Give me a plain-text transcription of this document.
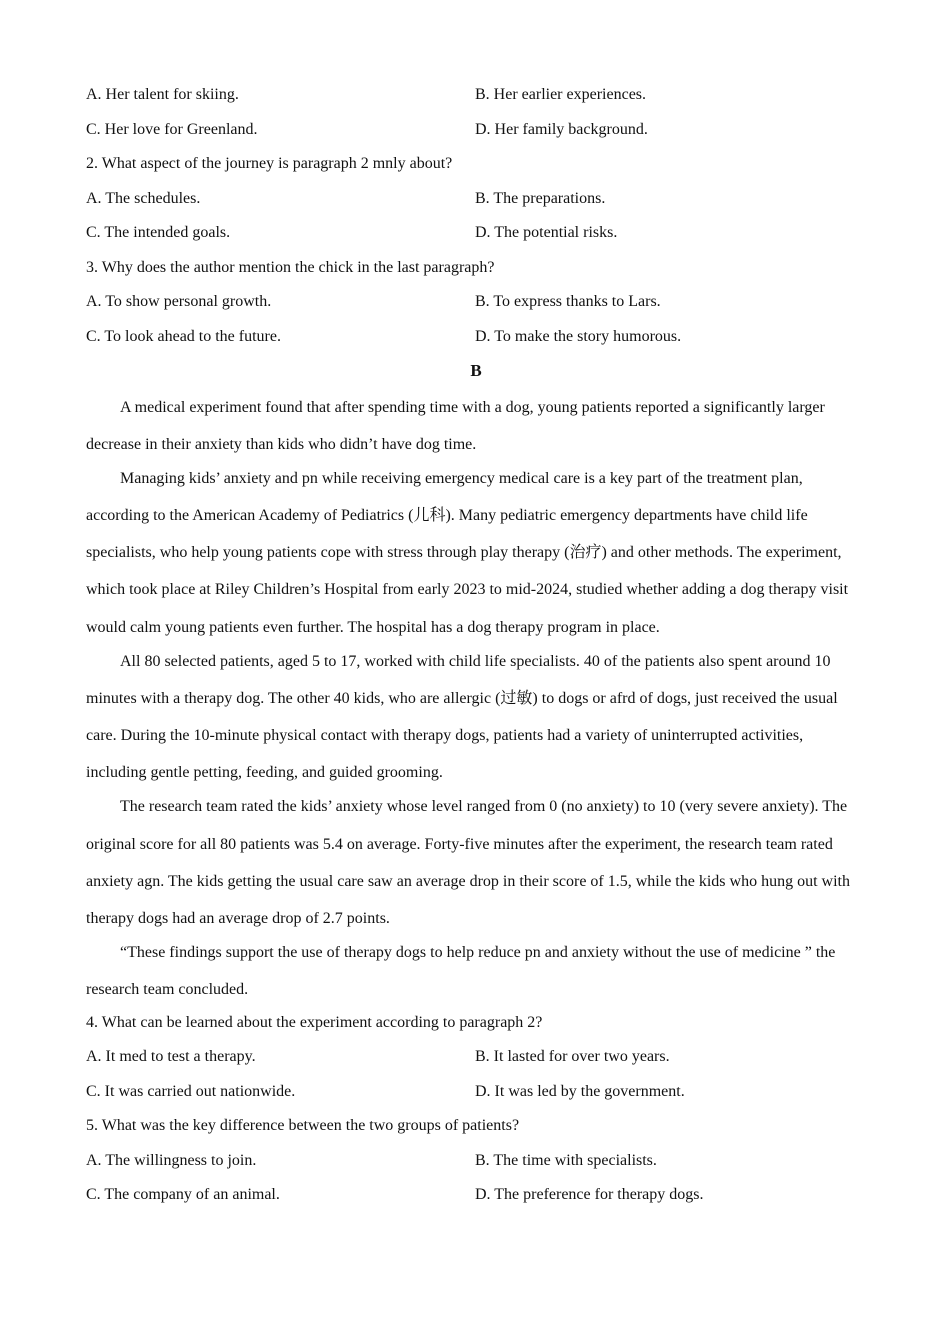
A. Her talent for skiing.	B. Her earlier experiences.
C. Her love for Greenland.	D. Her family background.
2. What aspect of the journey is paragraph 2 mnly about?
A. The schedules.	B. The preparations.
C. The intended goals.	D. The potential risks.
3. Why does the author mention the chick in the last paragraph?
A. To show personal growth.	B. To express thanks to Lars.
C. To look ahead to the future.	D. To make the story humorous.
B

A medical experiment found that after spending time with a dog, young patients reported a significantly larger decrease in their anxiety than kids who didn’t have dog time.

Managing kids’ anxiety and pn while receiving emergency medical care is a key part of the treatment plan, according to the American Academy of Pediatrics (儿科). Many pediatric emergency departments have child life specialists, who help young patients cope with stress through play therapy (治疗) and other methods. The experiment, which took place at Riley Children’s Hospital from early 2023 to mid-2024, studied whether adding a dog therapy visit would calm young patients even further. The hospital has a dog therapy program in place.

All 80 selected patients, aged 5 to 17, worked with child life specialists. 40 of the patients also spent around 10 minutes with a therapy dog. The other 40 kids, who are allergic (过敏) to dogs or afrd of dogs, just received the usual care. During the 10-minute physical contact with therapy dogs, patients had a variety of uninterrupted activities, including gentle petting, feeding, and guided grooming.

The research team rated the kids’ anxiety whose level ranged from 0 (no anxiety) to 10 (very severe anxiety). The original score for all 80 patients was 5.4 on average. Forty-five minutes after the experiment, the research team rated anxiety agn. The kids getting the usual care saw an average drop in their score of 1.5, while the kids who hung out with therapy dogs had an average drop of 2.7 points.

“These findings support the use of therapy dogs to help reduce pn and anxiety without the use of medicine ” the research team concluded.

4. What can be learned about the experiment according to paragraph 2?
A. It med to test a therapy.	B. It lasted for over two years.
C. It was carried out nationwide.	D. It was led by the government.
5. What was the key difference between the two groups of patients?
A. The willingness to join.	B. The time with specialists.
C. The company of an animal.	D. The preference for therapy dogs.
